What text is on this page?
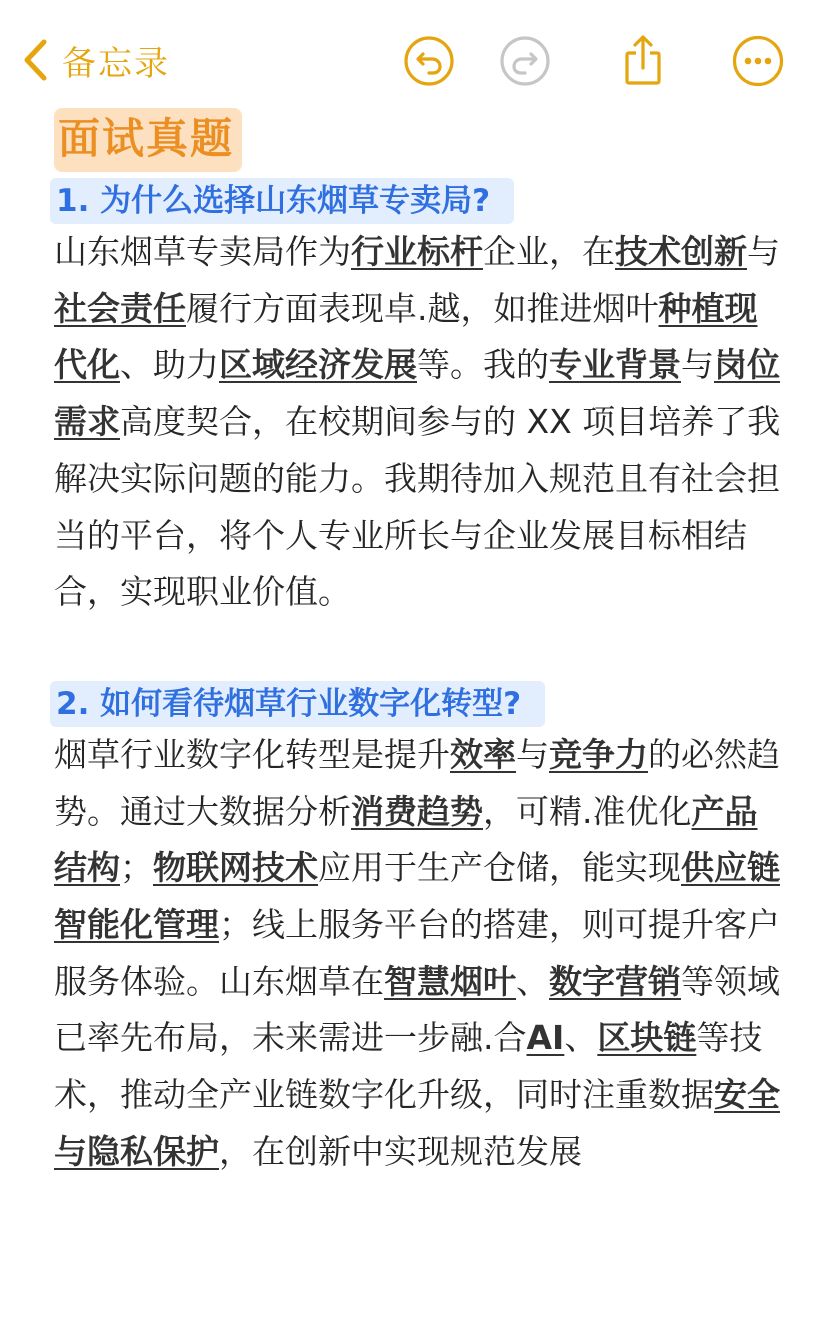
备忘录
面试真题
1. 为什么选择山东烟草专卖局?

山东烟草专卖局作为行业标杆企业，在技术创新与社会责任履行方面表现卓.越，如推进烟叶种植现代化、助力区域经济发展等。我的专业背景与岗位需求高度契合，在校期间参与的 XX 项目培养了我解决实际问题的能力。我期待加入规范且有社会担当的平台，将个人专业所长与企业发展目标相结合，实现职业价值。

2. 如何看待烟草行业数字化转型?

烟草行业数字化转型是提升效率与竞争力的必然趋势。通过大数据分析消费趋势，可精.准优化产品结构；物联网技术应用于生产仓储，能实现供应链智能化管理；线上服务平台的搭建，则可提升客户服务体验。山东烟草在智慧烟叶、数字营销等领域已率先布局，未来需进一步融.合AI、区块链等技术，推动全产业链数字化升级，同时注重数据安全与隐私保护，在创新中实现规范发展
